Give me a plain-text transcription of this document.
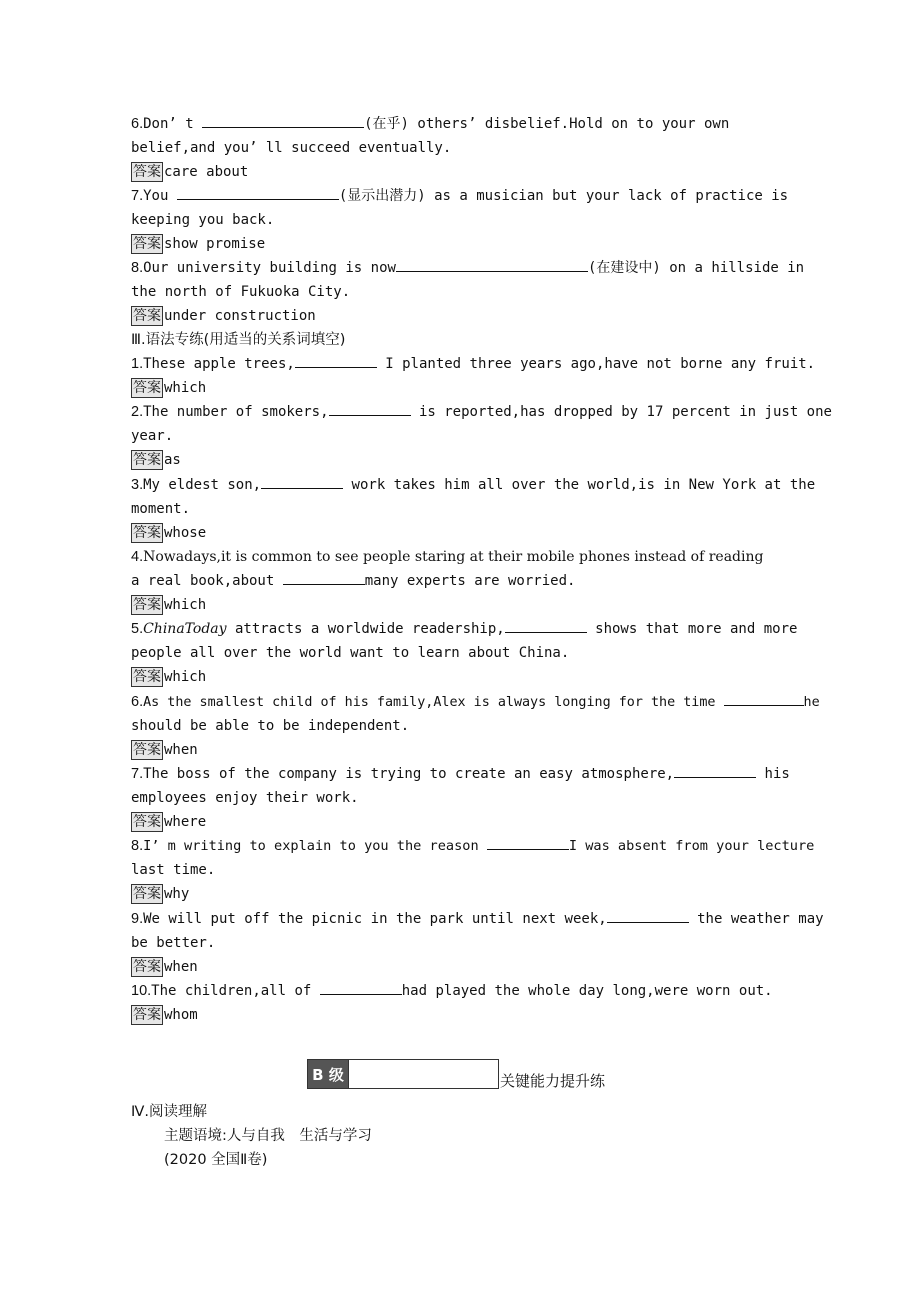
6.Don’ t	(在乎) others’ disbelief.Hold on to your own
belief,and you’ ll succeed eventually.
答案 care about
7.You	(显示出潜力) as a musician but your lack of practice is
keeping you back.
答案 show promise
8.Our university building is now	(在建设中) on a hillside in
the north of Fukuoka City.
答案 under construction
Ⅲ.语法专练(用适当的关系词填空)
1.These apple trees,	I planted three years ago,have not borne any fruit.
答案 which
2.The number of smokers,	is reported,has dropped by 17 percent in just one
year.
答案 as
3.My eldest son,	work takes him all over the world,is in New York at the
moment.
答案 whose
4.Nowadays,it is common to see people staring at their mobile phones instead of reading
a real book,about	many experts are worried.
答案 which
5.ChinaToday attracts a worldwide readership,	shows that more and more
people all over the world want to learn about China.
答案 which
6.As the smallest child of his family,Alex is always longing for the time	he
should be able to be independent.
答案 when
7.The boss of the company is trying to create an easy atmosphere,	his
employees enjoy their work.
答案 where
8.I’ m writing to explain to you the reason	I was absent from your lecture
last time.
答案 why
9.We will put off the picnic in the park until next week,	the weather may
be better.
答案 when
10.The children,all of	had played the whole day long,were worn out.
答案 whom
B 级	关键能力提升练
Ⅳ.阅读理解
主题语境:人与自我　生活与学习
(2020 全国Ⅱ卷)
